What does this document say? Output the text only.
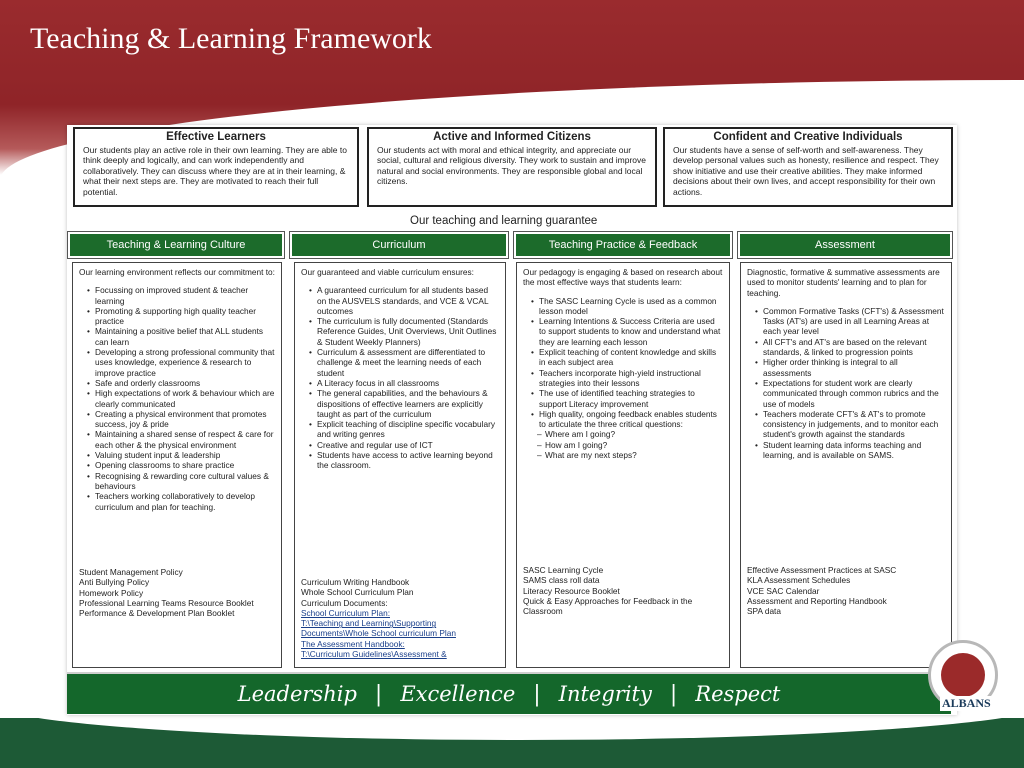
Teaching & Learning Framework
Effective Learners
Our students play an active role in their own learning. They are able to think deeply and logically, and can work independently and collaboratively. They can discuss where they are at in their learning, & what their next steps are. They are motivated to reach their full potential.
Active and Informed Citizens
Our students act with moral and ethical integrity, and appreciate our social, cultural and religious diversity. They work to sustain and improve natural and social environments. They are responsible global and local citizens.
Confident and Creative Individuals
Our students have a sense of self-worth and self-awareness. They develop personal values such as honesty, resilience and respect. They show initiative and use their creative abilities. They make informed decisions about their own lives, and accept responsibility for their own actions.
Our teaching and learning guarantee
Teaching & Learning Culture	Curriculum	Teaching Practice & Feedback	Assessment

Our learning environment reflects our commitment to:

• Focussing on improved student & teacher learning
• Promoting & supporting high quality teacher practice
• Maintaining a positive belief that ALL students can learn
• Developing a strong professional community that uses knowledge, experience & research to improve practice
• Safe and orderly classrooms
• High expectations of work & behaviour which are clearly communicated
• Creating a physical environment that promotes success, joy & pride
• Maintaining a shared sense of respect & care for each other & the physical environment
• Valuing student input & leadership
• Opening classrooms to share practice
• Recognising & rewarding core cultural values & behaviours
• Teachers working collaboratively to develop curriculum and plan for teaching.

Student Management Policy

Anti Bullying Policy

Homework Policy

Professional Learning Teams Resource Booklet

Performance & Development Plan Booklet

Our guaranteed and viable curriculum ensures:

• A guaranteed curriculum for all students based on the AUSVELS standards, and VCE & VCAL outcomes
• The curriculum is fully documented (Standards Reference Guides, Unit Overviews, Unit Outlines & Student Weekly Planners)
• Curriculum & assessment are differentiated to challenge & meet the learning needs of each student
• A Literacy focus in all classrooms
• The general capabilities, and the behaviours & dispositions of effective learners are explicitly taught as part of the curriculum
• Explicit teaching of discipline specific vocabulary and writing genres
• Creative and regular use of ICT
• Students have access to active learning beyond the classroom.

Curriculum Writing Handbook

Whole School Curriculum Plan

Curriculum Documents:

School Curriculum Plan:

T:\Teaching and Learning\Supporting Documents\Whole School curriculum Plan

The Assessment Handbook:

T:\Curriculum Guidelines\Assessment &

Our pedagogy is engaging & based on research about the most effective ways that students learn:

• The SASC Learning Cycle is used as a common lesson model
• Learning Intentions & Success Criteria are used to support students to know and understand what they are learning each lesson
• Explicit teaching of content knowledge and skills in each subject area
• Teachers incorporate high-yield instructional strategies into their lessons
• The use of identified teaching strategies to support Literacy improvement
• High quality, ongoing feedback enables students to articulate the three critical questions:
– Where am I going?
– How am I going?
– What are my next steps?

SASC Learning Cycle

SAMS class roll data

Literacy Resource Booklet

Quick & Easy Approaches for Feedback in the Classroom

Diagnostic, formative & summative assessments are used to monitor students' learning and to plan for teaching.

• Common Formative Tasks (CFT's) & Assessment Tasks (AT's) are used in all Learning Areas at each year level
• All CFT's and AT's are based on the relevant standards, & linked to progression points
• Higher order thinking is integral to all assessments
• Expectations for student work are clearly communicated through common rubrics and the use of models
• Teachers moderate CFT's & AT's to promote consistency in judgements, and to monitor each student's growth against the standards
• Student learning data informs teaching and learning, and is available on SAMS.

Effective Assessment Practices at SASC

KLA Assessment Schedules

VCE SAC Calendar

Assessment and Reporting Handbook

SPA data

Leadership | Excellence | Integrity | Respect	ALBANS
